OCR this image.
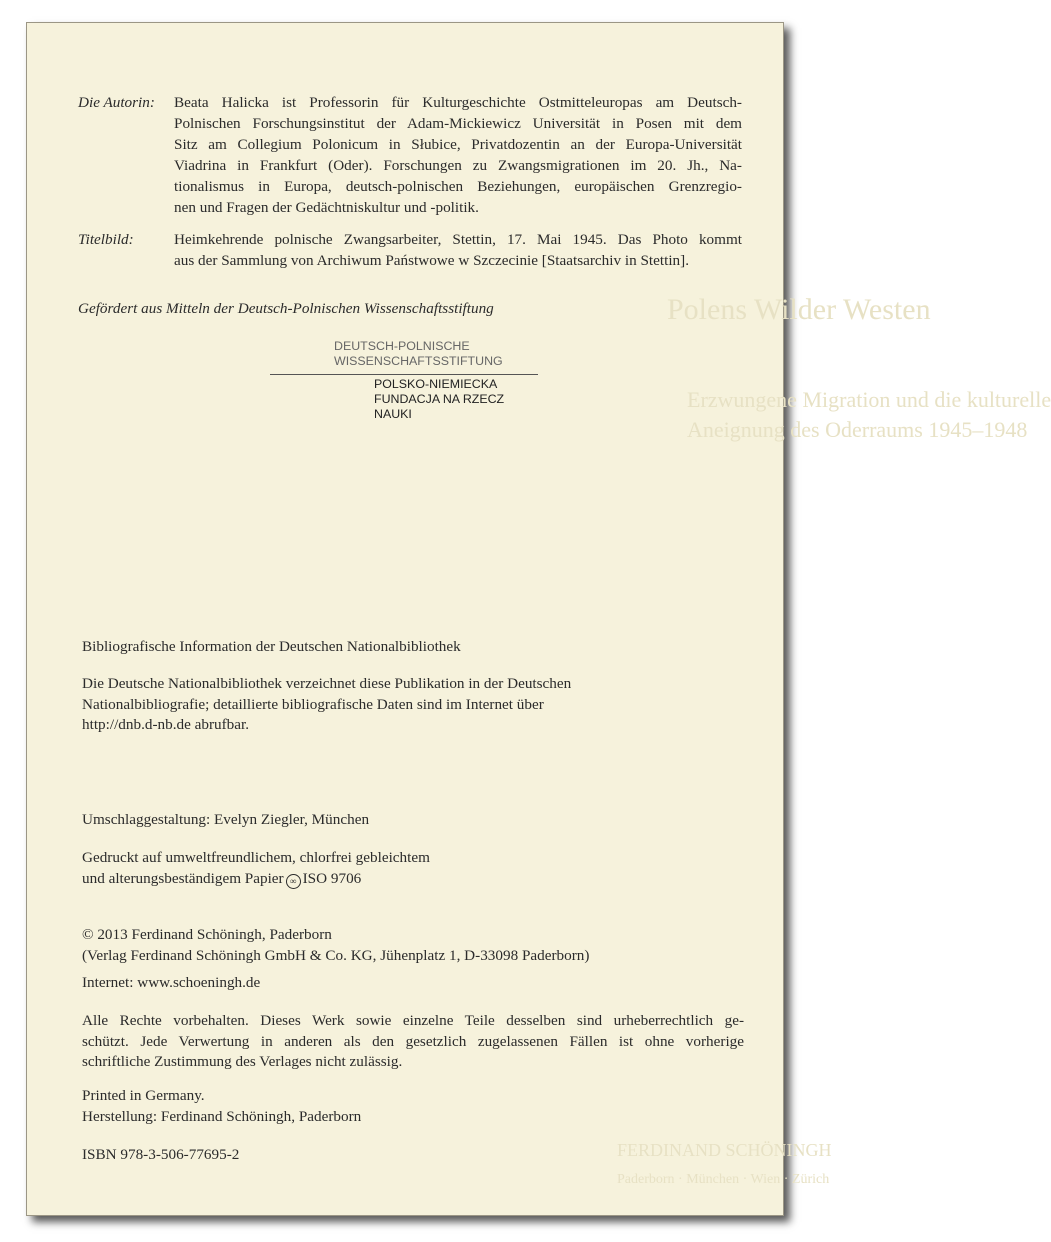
Polens Wilder Westen
Erzwungene Migration und die kulturelle
Aneignung des Oderraums 1945–1948
FERDINAND SCHÖNINGH
Paderborn · München · Wien · Zürich
Die Autorin: Beata Halicka ist Professorin für Kulturgeschichte Ostmitteleuropas am Deutsch-
Polnischen Forschungsinstitut der Adam-Mickiewicz Universität in Posen mit dem
Sitz am Collegium Polonicum in Słubice, Privatdozentin an der Europa-Universität
Viadrina in Frankfurt (Oder). Forschungen zu Zwangsmigrationen im 20. Jh., Na-
tionalismus in Europa, deutsch-polnischen Beziehungen, europäischen Grenzregio-
nen und Fragen der Gedächtniskultur und -politik.
Titelbild:	Heimkehrende polnische Zwangsarbeiter, Stettin, 17. Mai 1945. Das Photo kommt
aus der Sammlung von Archiwum Państwowe w Szczecinie [Staatsarchiv in Stettin].
Gefördert aus Mitteln der Deutsch-Polnischen Wissenschaftsstiftung
DEUTSCH-POLNISCHE
WISSENSCHAFTSSTIFTUNG
POLSKO-NIEMIECKA
FUNDACJA NA RZECZ NAUKI
Bibliografische Information der Deutschen Nationalbibliothek
Die Deutsche Nationalbibliothek verzeichnet diese Publikation in der Deutschen
Nationalbibliografie; detaillierte bibliografische Daten sind im Internet über
http://dnb.d-nb.de abrufbar.
Umschlaggestaltung: Evelyn Ziegler, München
Gedruckt auf umweltfreundlichem, chlorfrei gebleichtem
und alterungsbeständigem Papier ∞ ISO 9706
© 2013 Ferdinand Schöningh, Paderborn
(Verlag Ferdinand Schöningh GmbH & Co. KG, Jühenplatz 1, D-33098 Paderborn)
Internet: www.schoeningh.de
Alle Rechte vorbehalten. Dieses Werk sowie einzelne Teile desselben sind urheberrechtlich ge-
schützt. Jede Verwertung in anderen als den gesetzlich zugelassenen Fällen ist ohne vorherige
schriftliche Zustimmung des Verlages nicht zulässig.
Printed in Germany.
Herstellung: Ferdinand Schöningh, Paderborn
ISBN 978-3-506-77695-2
